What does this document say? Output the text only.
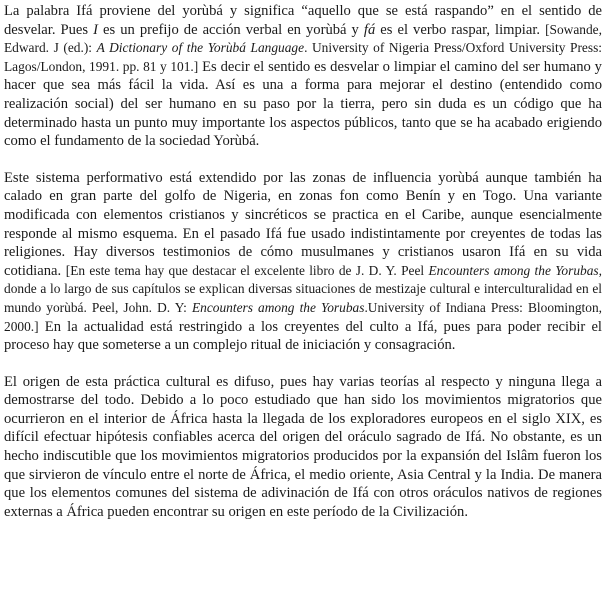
La palabra Ifá proviene del yorùbá y significa “aquello que se está raspando” en el sentido de desvelar. Pues I es un prefijo de acción verbal en yorùbá y fá es el verbo raspar, limpiar. [Sowande, Edward. J (ed.): A Dictionary of the Yorùbá Language. University of Nigeria Press/Oxford University Press: Lagos/London, 1991. pp. 81 y 101.] Es decir el sentido es desvelar o limpiar el camino del ser humano y hacer que sea más fácil la vida. Así es una a forma para mejorar el destino (entendido como realización social) del ser humano en su paso por la tierra, pero sin duda es un código que ha determinado hasta un punto muy importante los aspectos públicos, tanto que se ha acabado erigiendo como el fundamento de la sociedad Yorùbá.

Este sistema performativo está extendido por las zonas de influencia yorùbá aunque también ha calado en gran parte del golfo de Nigeria, en zonas fon como Benín y en Togo. Una variante modificada con elementos cristianos y sincréticos se practica en el Caribe, aunque esencialmente responde al mismo esquema. En el pasado Ifá fue usado indistintamente por creyentes de todas las religiones. Hay diversos testimonios de cómo musulmanes y cristianos usaron Ifá en su vida cotidiana. [En este tema hay que destacar el excelente libro de J. D. Y. Peel Encounters among the Yorubas, donde a lo largo de sus capítulos se explican diversas situaciones de mestizaje cultural e interculturalidad en el mundo yorùbá. Peel, John. D. Y: Encounters among the Yorubas.University of Indiana Press: Bloomington, 2000.] En la actualidad está restringido a los creyentes del culto a Ifá, pues para poder recibir el proceso hay que someterse a un complejo ritual de iniciación y consagración.

El origen de esta práctica cultural es difuso, pues hay varias teorías al respecto y ninguna llega a demostrarse del todo. Debido a lo poco estudiado que han sido los movimientos migratorios que ocurrieron en el interior de África hasta la llegada de los exploradores europeos en el siglo XIX, es difícil efectuar hipótesis confiables acerca del origen del oráculo sagrado de Ifá. No obstante, es un hecho indiscutible que los movimientos migratorios producidos por la expansión del Islâm fueron los que sirvieron de vínculo entre el norte de África, el medio oriente, Asia Central y la India. De manera que los elementos comunes del sistema de adivinación de Ifá con otros oráculos nativos de regiones externas a África pueden encontrar su origen en este período de la Civilización.
